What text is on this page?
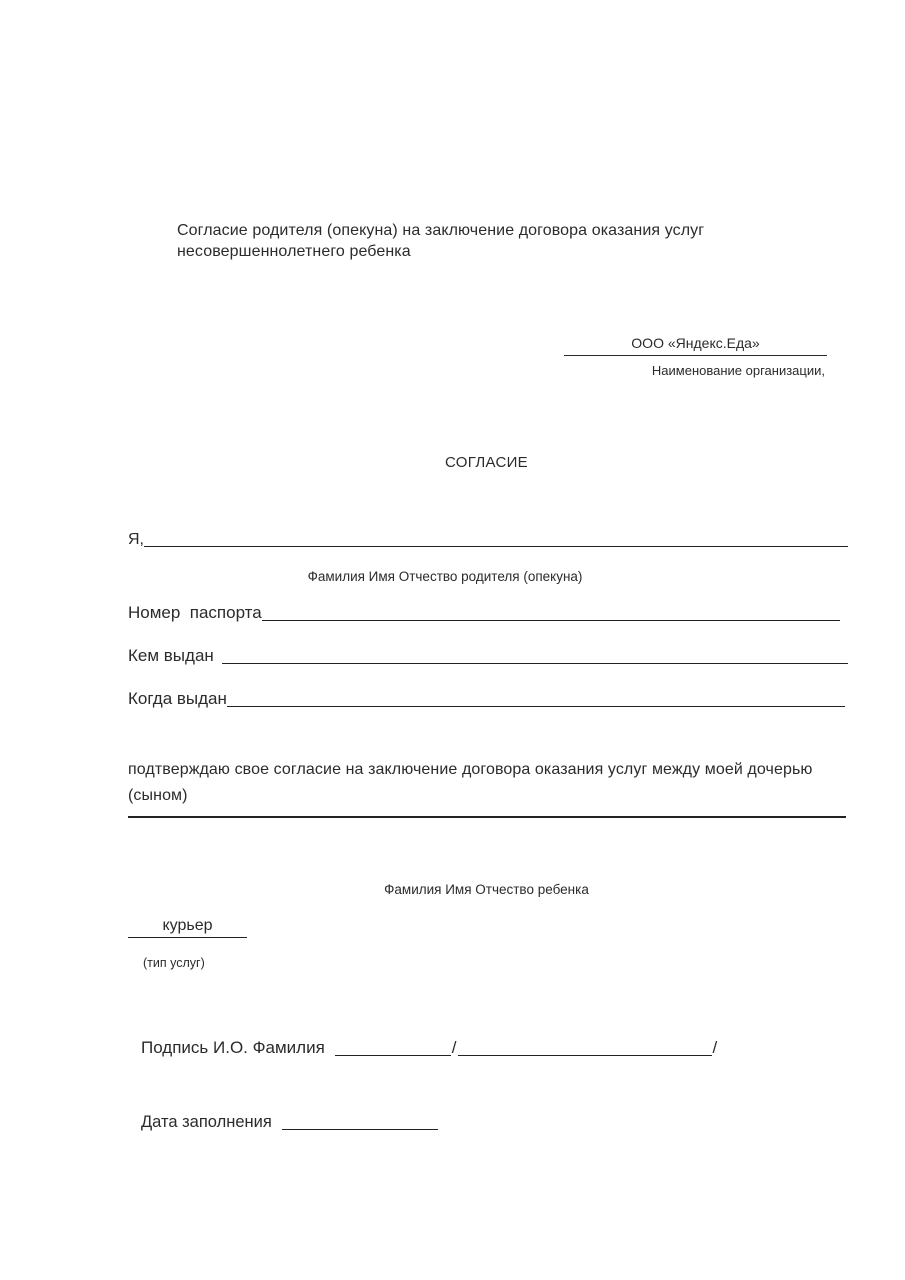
Согласие родителя (опекуна) на заключение договора оказания услуг несовершеннолетнего ребенка
ООО «Яндекс.Еда»
Наименование организации,
СОГЛАСИЕ
Я,
Фамилия Имя Отчество родителя (опекуна)
Номер  паспорта
Кем выдан
Когда выдан
подтверждаю свое согласие на заключение договора оказания услуг между моей дочерью (сыном)
Фамилия Имя Отчество ребенка
курьер
(тип услуг)
Подпись И.О. Фамилия	/	/
Дата заполнения
